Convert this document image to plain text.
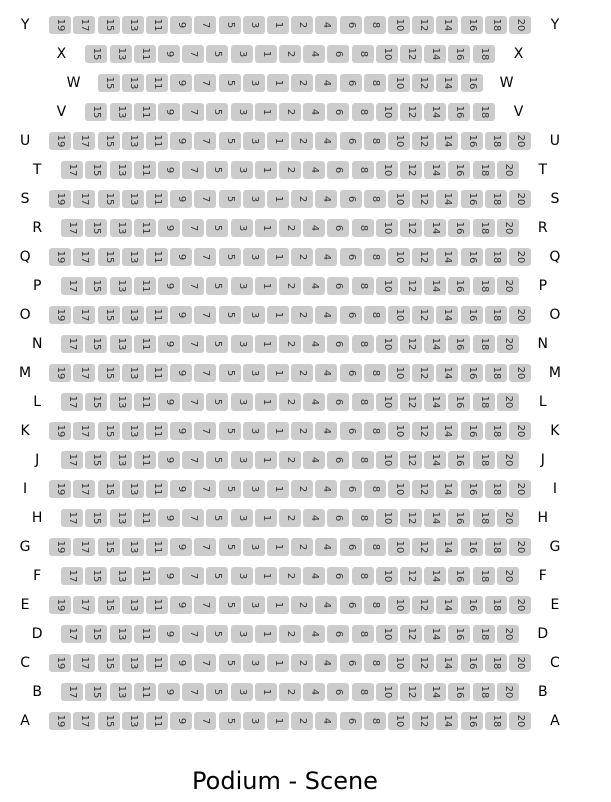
Y	19 17 15 13 11 9 7 5 3 1 2 4 6 8 10 12 14 16 18 20	Y
X	15 13 11 9 7 5 3 1 2 4 6 8 10 12 14 16 18	X
W	15 13 11 9 7 5 3 1 2 4 6 8 10 12 14 16 W
V	15 13 11 9 7 5 3 1 2 4 6 8 10 12 14 16 18	V
U	19 17 15 13 11 9 7 5 3 1 2 4 6 8 10 12 14 16 18 20	U
T	17 15 13 11 9 7 5 3 1 2 4 6 8 10 12 14 16 18 20	T
S	19 17 15 13 11 9 7 5 3 1 2 4 6 8 10 12 14 16 18 20	S
R	17 15 13 11 9 7 5 3 1 2 4 6 8 10 12 14 16 18 20	R
Q	19 17 15 13 11 9 7 5 3 1 2 4 6 8 10 12 14 16 18 20	Q
P	17 15 13 11 9 7 5 3 1 2 4 6 8 10 12 14 16 18 20	P
O	19 17 15 13 11 9 7 5 3 1 2 4 6 8 10 12 14 16 18 20	O
N	17 15 13 11 9 7 5 3 1 2 4 6 8 10 12 14 16 18 20	N
M	19 17 15 13 11 9 7 5 3 1 2 4 6 8 10 12 14 16 18 20 M
L	17 15 13 11 9 7 5 3 1 2 4 6 8 10 12 14 16 18 20	L
K	19 17 15 13 11 9 7 5 3 1 2 4 6 8 10 12 14 16 18 20	K
J	17 15 13 11 9 7 5 3 1 2 4 6 8 10 12 14 16 18 20	J
I	19 17 15 13 11 9 7 5 3 1 2 4 6 8 10 12 14 16 18 20	I
H	17 15 13 11 9 7 5 3 1 2 4 6 8 10 12 14 16 18 20	H
G	19 17 15 13 11 9 7 5 3 1 2 4 6 8 10 12 14 16 18 20	G
F	17 15 13 11 9 7 5 3 1 2 4 6 8 10 12 14 16 18 20	F
E	19 17 15 13 11 9 7 5 3 1 2 4 6 8 10 12 14 16 18 20	E
D	17 15 13 11 9 7 5 3 1 2 4 6 8 10 12 14 16 18 20	D
C	19 17 15 13 11 9 7 5 3 1 2 4 6 8 10 12 14 16 18 20	C
B	17 15 13 11 9 7 5 3 1 2 4 6 8 10 12 14 16 18 20	B
A	19 17 15 13 11 9 7 5 3 1 2 4 6 8 10 12 14 16 18 20	A
Podium - Scene
